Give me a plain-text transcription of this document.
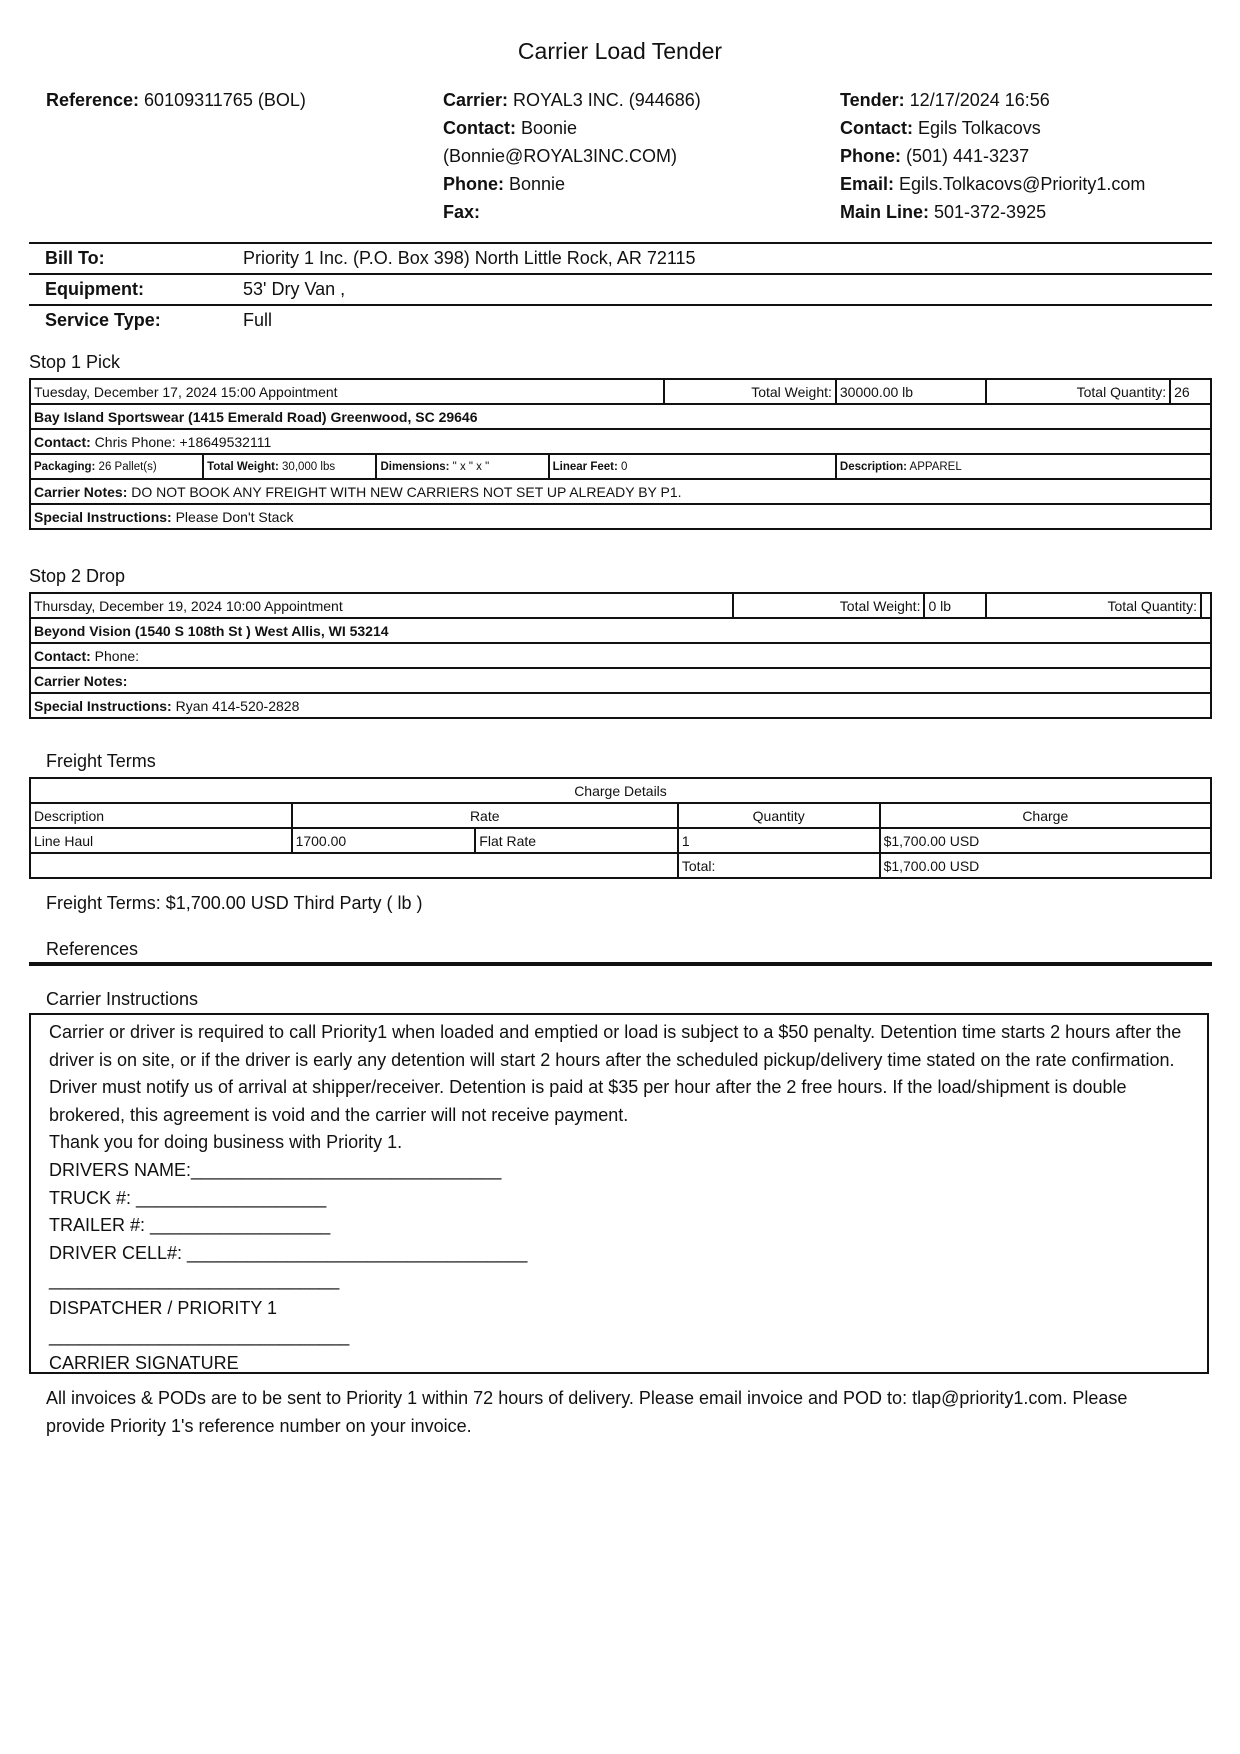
Carrier Load Tender
Reference: 60109311765 (BOL)	Carrier: ROYAL3 INC. (944686)
Contact: Boonie
(Bonnie@ROYAL3INC.COM)
Phone: Bonnie
Fax:
Tender: 12/17/2024 16:56
Contact: Egils Tolkacovs
Phone: (501) 441-3237
Email: Egils.Tolkacovs@Priority1.com
Main Line: 501-372-3925
Bill To:	Priority 1 Inc. (P.O. Box 398) North Little Rock, AR 72115
Equipment:	53' Dry Van ,
Service Type:	Full
Stop 1 Pick
Tuesday, December 17, 2024 15:00 Appointment				Total Weight:	30000.00 lb	Total Quantity:	26
Bay Island Sportswear (1415 Emerald Road) Greenwood, SC 29646							
Contact: Chris Phone: +18649532111							
Packaging: 26 Pallet(s)	Total Weight: 30,000 lbs	Dimensions: " x " x "	Linear Feet: 0		Description: APPAREL		
Carrier Notes: DO NOT BOOK ANY FREIGHT WITH NEW CARRIERS NOT SET UP ALREADY BY P1.							
Special Instructions: Please Don't Stack							
Stop 2 Drop
Thursday, December 19, 2024 10:00 Appointment	Total Weight:	0 lb	Total Quantity:	
Beyond Vision (1540 S 108th St ) West Allis, WI 53214
Contact: Phone:
Carrier Notes:
Special Instructions: Ryan 414-520-2828
Freight Terms
Charge Details				
Description	Rate		Quantity	Charge
Line Haul	1700.00	Flat Rate	1	$1,700.00 USD
			Total:	$1,700.00 USD
Freight Terms: $1,700.00 USD Third Party ( lb )
References
Carrier Instructions

Carrier or driver is required to call Priority1 when loaded and emptied or load is subject to a $50 penalty. Detention time starts 2 hours after the driver is on site, or if the driver is early any detention will start 2 hours after the scheduled pickup/delivery time stated on the rate confirmation. Driver must notify us of arrival at shipper/receiver. Detention is paid at $35 per hour after the 2 free hours. If the load/shipment is double brokered, this agreement is void and the carrier will not receive payment.

Thank you for doing business with Priority 1.

DRIVERS NAME:_______________________________

TRUCK #: ___________________

TRAILER #: __________________

DRIVER CELL#: __________________________________

_____________________________

DISPATCHER / PRIORITY 1

______________________________

CARRIER SIGNATURE

All invoices & PODs are to be sent to Priority 1 within 72 hours of delivery. Please email invoice and POD to: tlap@priority1.com. Please provide Priority 1's reference number on your invoice.
